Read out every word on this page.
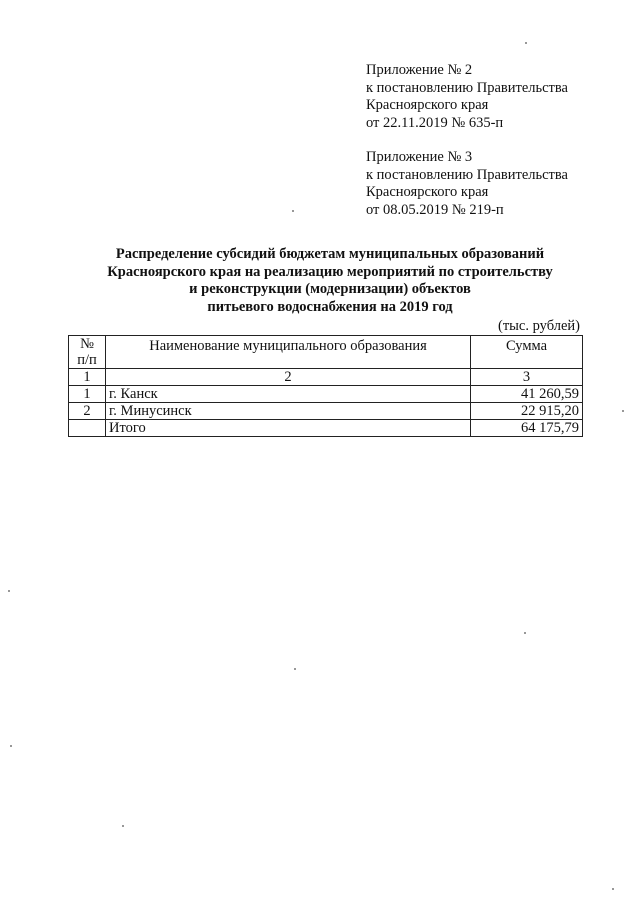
Приложение № 2
к постановлению Правительства
Красноярского края
от 22.11.2019 № 635-п
Приложение № 3
к постановлению Правительства
Красноярского края
от 08.05.2019 № 219-п
Распределение субсидий бюджетам муниципальных образований
Красноярского края на реализацию мероприятий по строительству
и реконструкции (модернизации) объектов
питьевого водоснабжения на 2019 год
(тыс. рублей)
№
п/п	Наименование муниципального образования	Сумма
1	2	3
1	г. Канск	41 260,59
2	г. Минусинск	22 915,20
	Итого	64 175,79
